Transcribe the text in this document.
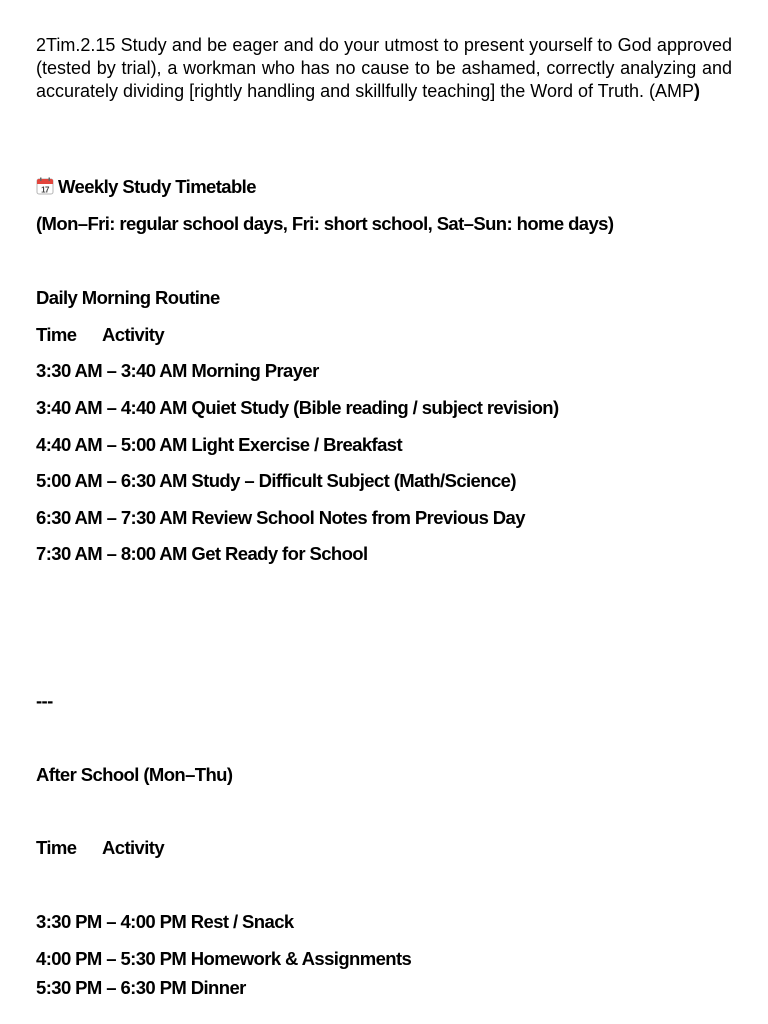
2Tim.2.15 Study and be eager and do your utmost to present yourself to God approved (tested by trial), a workman who has no cause to be ashamed, correctly analyzing and accurately dividing [rightly handling and skillfully teaching] the Word of Truth. (AMP)

17 Weekly Study Timetable
(Mon–Fri: regular school days, Fri: short school, Sat–Sun: home days)
Daily Morning Routine
Time Activity
3:30 AM – 3:40 AM Morning Prayer
3:40 AM – 4:40 AM Quiet Study (Bible reading / subject revision)
4:40 AM – 5:00 AM Light Exercise / Breakfast
5:00 AM – 6:30 AM Study – Difficult Subject (Math/Science)
6:30 AM – 7:30 AM Review School Notes from Previous Day
7:30 AM – 8:00 AM Get Ready for School
---
After School (Mon–Thu)
Time Activity
3:30 PM – 4:00 PM Rest / Snack
4:00 PM – 5:30 PM Homework & Assignments
5:30 PM – 6:30 PM Dinner
